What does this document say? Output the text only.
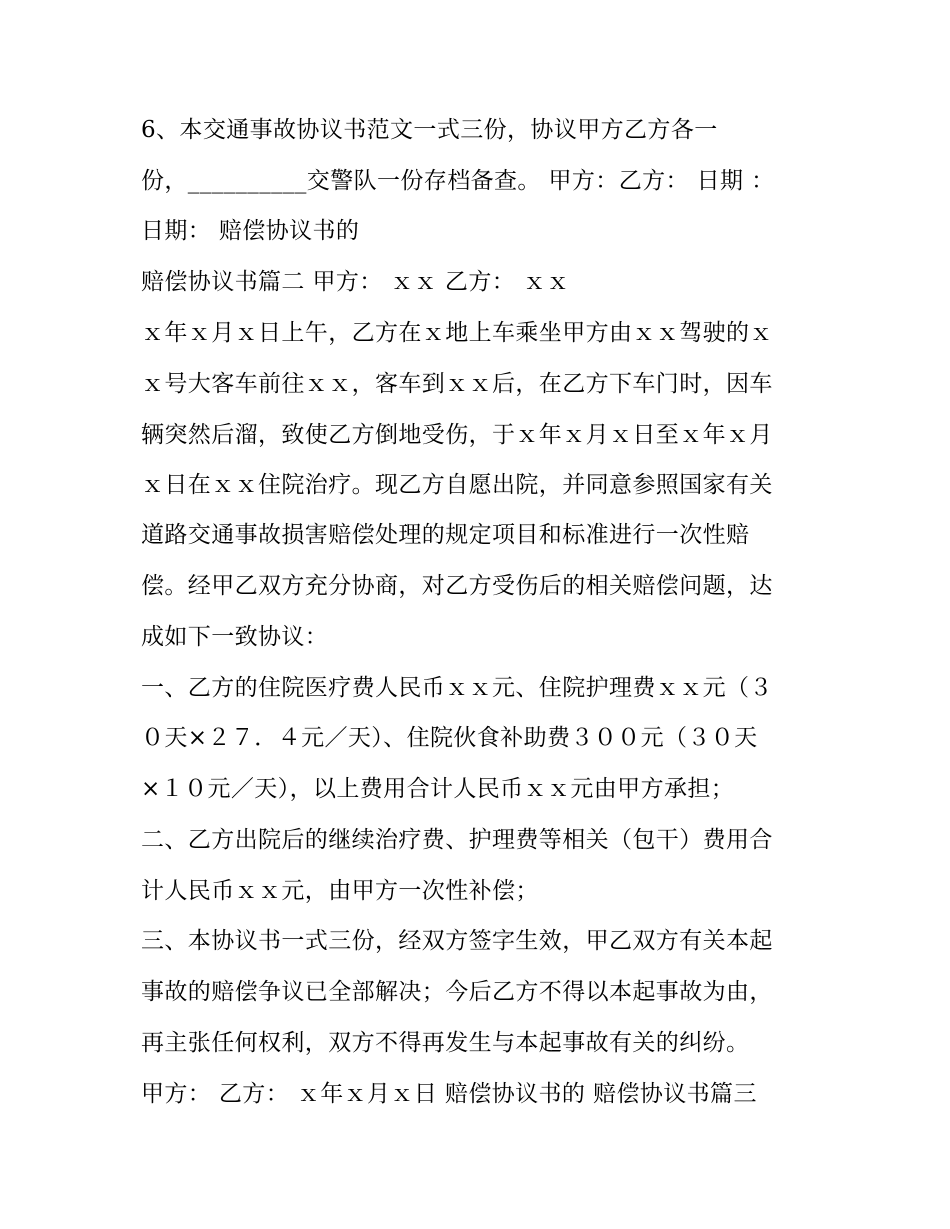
6、本交通事故协议书范文一式三份，协议甲方乙方各一
份，__________交警队一份存档备查。 甲方：乙方： 日期 ：
日期： 赔偿协议书的
赔偿协议书篇二 甲方： ｘｘ 乙方： ｘｘ
ｘ年ｘ月ｘ日上午，乙方在ｘ地上车乘坐甲方由ｘｘ驾驶的ｘ
ｘ号大客车前往ｘｘ，客车到ｘｘ后，在乙方下车门时，因车
辆突然后溜，致使乙方倒地受伤，于ｘ年ｘ月ｘ日至ｘ年ｘ月
ｘ日在ｘｘ住院治疗。现乙方自愿出院，并同意参照国家有关
道路交通事故损害赔偿处理的规定项目和标准进行一次性赔
偿。经甲乙双方充分协商，对乙方受伤后的相关赔偿问题，达
成如下一致协议：
一、乙方的住院医疗费人民币ｘｘ元、住院护理费ｘｘ元（３
０天×２７．４元／天）、住院伙食补助费３００元（３０天
×１０元／天），以上费用合计人民币ｘｘ元由甲方承担；
二、乙方出院后的继续治疗费、护理费等相关（包干）费用合
计人民币ｘｘ元，由甲方一次性补偿；
三、本协议书一式三份，经双方签字生效，甲乙双方有关本起
事故的赔偿争议已全部解决；今后乙方不得以本起事故为由，
再主张任何权利，双方不得再发生与本起事故有关的纠纷。
甲方： 乙方： ｘ年ｘ月ｘ日 赔偿协议书的 赔偿协议书篇三
